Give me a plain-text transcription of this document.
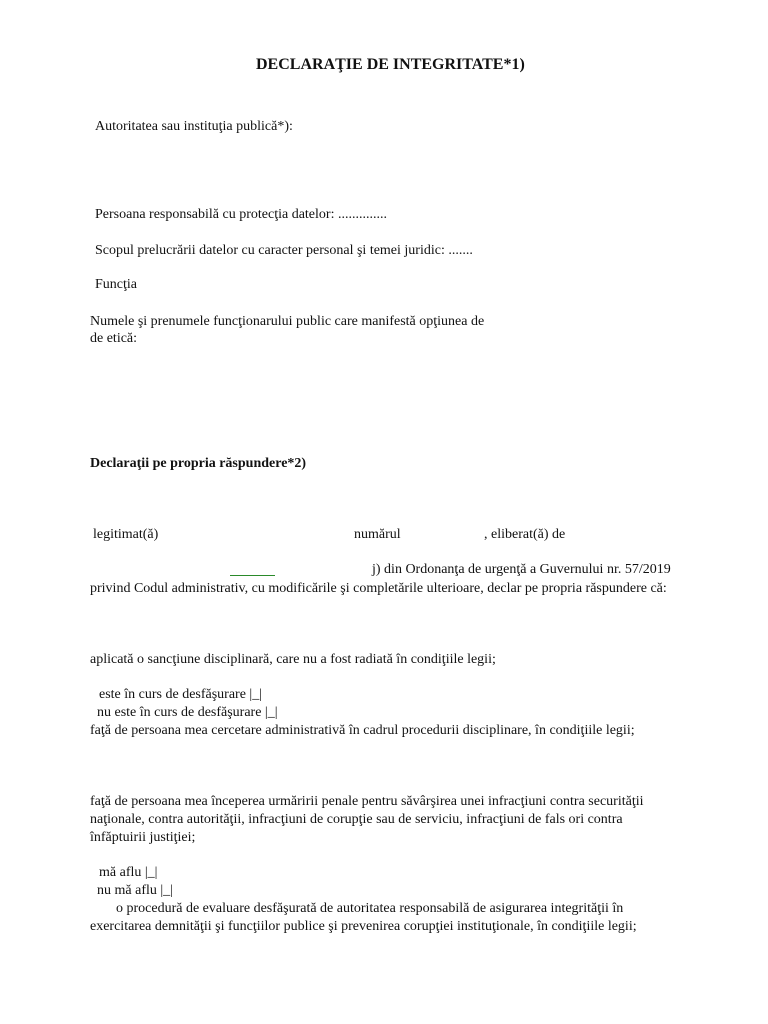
DECLARAŢIE DE INTEGRITATE*1)
Autoritatea sau instituţia publică*):
Persoana responsabilă cu protecţia datelor: ..............
Scopul prelucrării datelor cu caracter personal şi temei juridic: .......
Funcţia
Numele şi prenumele funcţionarului public care manifestă opţiunea de
de etică:
Declaraţii pe propria răspundere*2)
legitimat(ă)	numărul	, eliberat(ă) de
j) din Ordonanţa de urgenţă a Guvernului nr. 57/2019
privind Codul administrativ, cu modificările şi completările ulterioare, declar pe propria răspundere că:
aplicată o sancţiune disciplinară, care nu a fost radiată în condiţiile legii;
este în curs de desfăşurare |_|
nu este în curs de desfăşurare |_|
faţă de persoana mea cercetare administrativă în cadrul procedurii disciplinare, în condiţiile legii;
faţă de persoana mea începerea urmăririi penale pentru săvârşirea unei infracţiuni contra securităţii
naţionale, contra autorităţii, infracţiuni de corupţie sau de serviciu, infracţiuni de fals ori contra
înfăptuirii justiţiei;
mă aflu |_|
nu mă aflu |_|
o procedură de evaluare desfăşurată de autoritatea responsabilă de asigurarea integrităţii în
exercitarea demnităţii şi funcţiilor publice şi prevenirea corupţiei instituţionale, în condiţiile legii;
